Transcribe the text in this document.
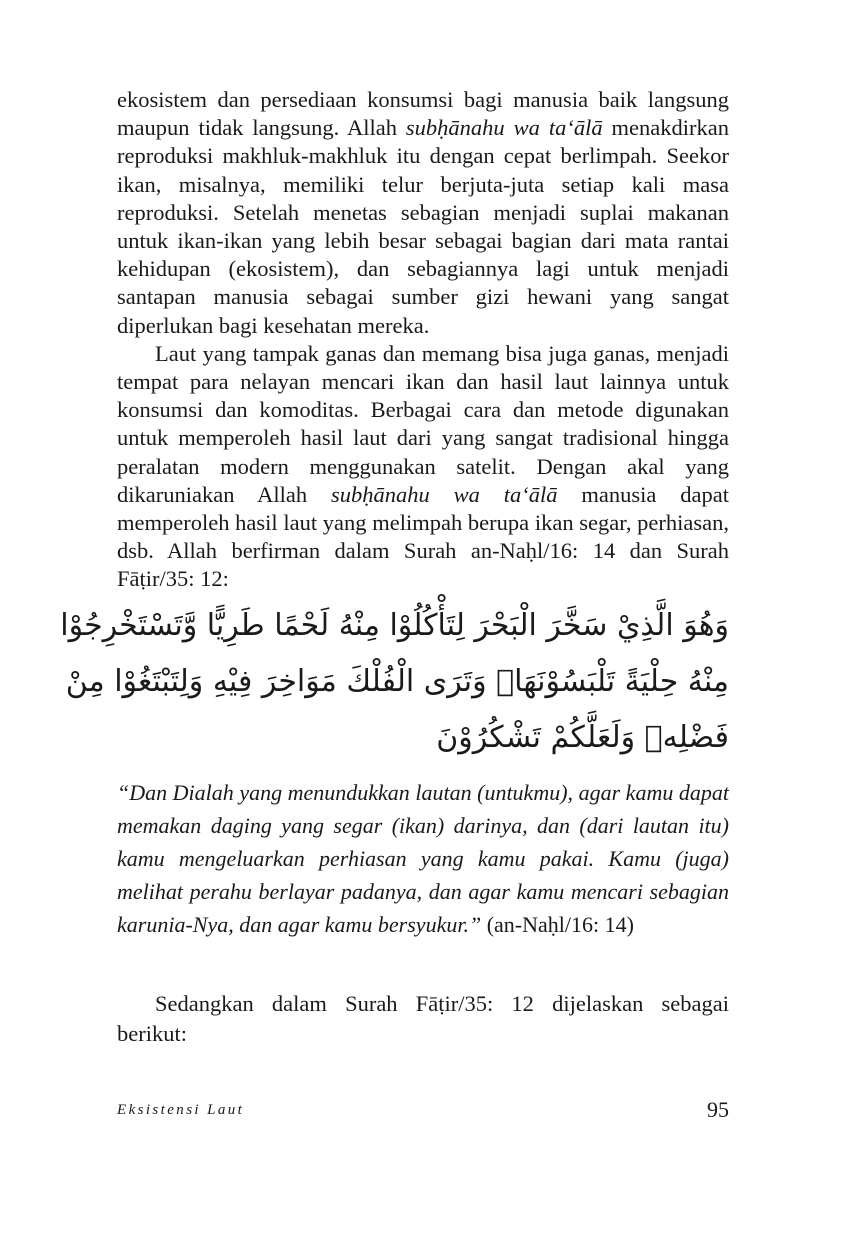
ekosistem dan persediaan konsumsi bagi manusia baik langsung maupun tidak langsung. Allah subḥānahu wa ta‘ālā menakdirkan reproduksi makhluk-makhluk itu dengan cepat berlimpah. Seekor ikan, misalnya, memiliki telur berjuta-juta setiap kali masa reproduksi. Setelah menetas sebagian menjadi suplai makanan untuk ikan-ikan yang lebih besar sebagai bagian dari mata rantai kehidupan (ekosistem), dan sebagiannya lagi untuk menjadi santapan manusia sebagai sumber gizi hewani yang sangat diperlukan bagi kesehatan mereka.

Laut yang tampak ganas dan memang bisa juga ganas, menjadi tempat para nelayan mencari ikan dan hasil laut lainnya untuk konsumsi dan komoditas. Berbagai cara dan metode digunakan untuk memperoleh hasil laut dari yang sangat tradisional hingga peralatan modern menggunakan satelit. Dengan akal yang dikaruniakan Allah subḥānahu wa ta‘ālā manusia dapat memperoleh hasil laut yang melimpah berupa ikan segar, perhiasan, dsb. Allah berfirman dalam Surah an-Naḥl/16: 14 dan Surah Fāṭir/35: 12:

وَهُوَ الَّذِيْ سَخَّرَ الْبَحْرَ لِتَأْكُلُوْا مِنْهُ لَحْمًا طَرِيًّا وَّتَسْتَخْرِجُوْا
مِنْهُ حِلْيَةً تَلْبَسُوْنَهَاۚ وَتَرَى الْفُلْكَ مَوَاخِرَ فِيْهِ وَلِتَبْتَغُوْا مِنْ
فَضْلِهٖ وَلَعَلَّكُمْ تَشْكُرُوْنَ
“Dan Dialah yang menundukkan lautan (untukmu), agar kamu dapat memakan daging yang segar (ikan) darinya, dan (dari lautan itu) kamu mengeluarkan perhiasan yang kamu pakai. Kamu (juga) melihat perahu berlayar padanya, dan agar kamu mencari sebagian karunia-Nya, dan agar kamu bersyukur.” (an-Naḥl/16: 14)

Sedangkan dalam Surah Fāṭir/35: 12 dijelaskan sebagai berikut:

Eksistensi Laut	95
